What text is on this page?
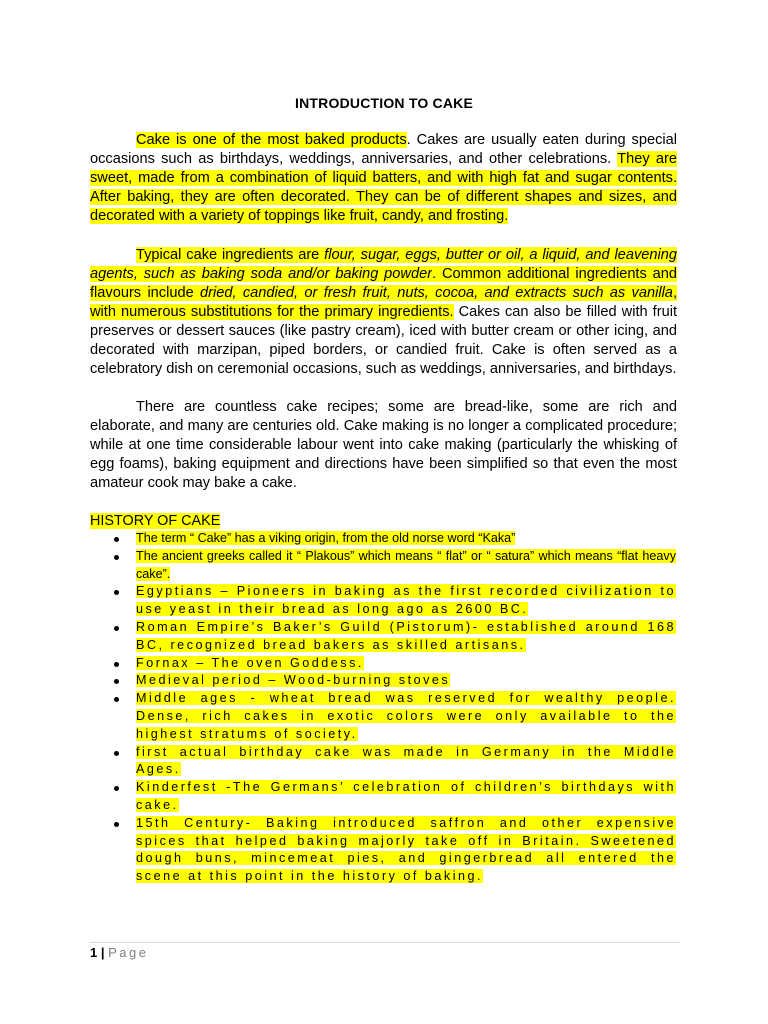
INTRODUCTION TO CAKE

Cake is one of the most baked products. Cakes are usually eaten during special occasions such as birthdays, weddings, anniversaries, and other celebrations. They are sweet, made from a combination of liquid batters, and with high fat and sugar contents. After baking, they are often decorated. They can be of different shapes and sizes, and decorated with a variety of toppings like fruit, candy, and frosting.

Typical cake ingredients are flour, sugar, eggs, butter or oil, a liquid, and leavening agents, such as baking soda and/or baking powder. Common additional ingredients and flavours include dried, candied, or fresh fruit, nuts, cocoa, and extracts such as vanilla, with numerous substitutions for the primary ingredients. Cakes can also be filled with fruit preserves or dessert sauces (like pastry cream), iced with butter cream or other icing, and decorated with marzipan, piped borders, or candied fruit. Cake is often served as a celebratory dish on ceremonial occasions, such as weddings, anniversaries, and birthdays.

There are countless cake recipes; some are bread-like, some are rich and elaborate, and many are centuries old. Cake making is no longer a complicated procedure; while at one time considerable labour went into cake making (particularly the whisking of egg foams), baking equipment and directions have been simplified so that even the most amateur cook may bake a cake.

HISTORY OF CAKE
The term “ Cake” has a viking origin, from the old norse word “Kaka”
The ancient greeks called it “ Plakous” which means “ flat” or “ satura” which means “flat heavy cake”.
Egyptians – Pioneers in baking as the first recorded civilization to use yeast in their bread as long ago as 2600 BC.
Roman Empire’s Baker’s Guild (Pistorum)- established around 168 BC, recognized bread bakers as skilled artisans.
Fornax – The oven Goddess.
Medieval period – Wood-burning stoves
Middle ages - wheat bread was reserved for wealthy people. Dense, rich cakes in exotic colors were only available to the highest stratums of society.
first actual birthday cake was made in Germany in the Middle Ages.
Kinderfest -The Germans’ celebration of children’s birthdays with cake.
15th Century- Baking introduced saffron and other expensive spices that helped baking majorly take off in Britain. Sweetened dough buns, mincemeat pies, and gingerbread all entered the scene at this point in the history of baking.
1 | Page
